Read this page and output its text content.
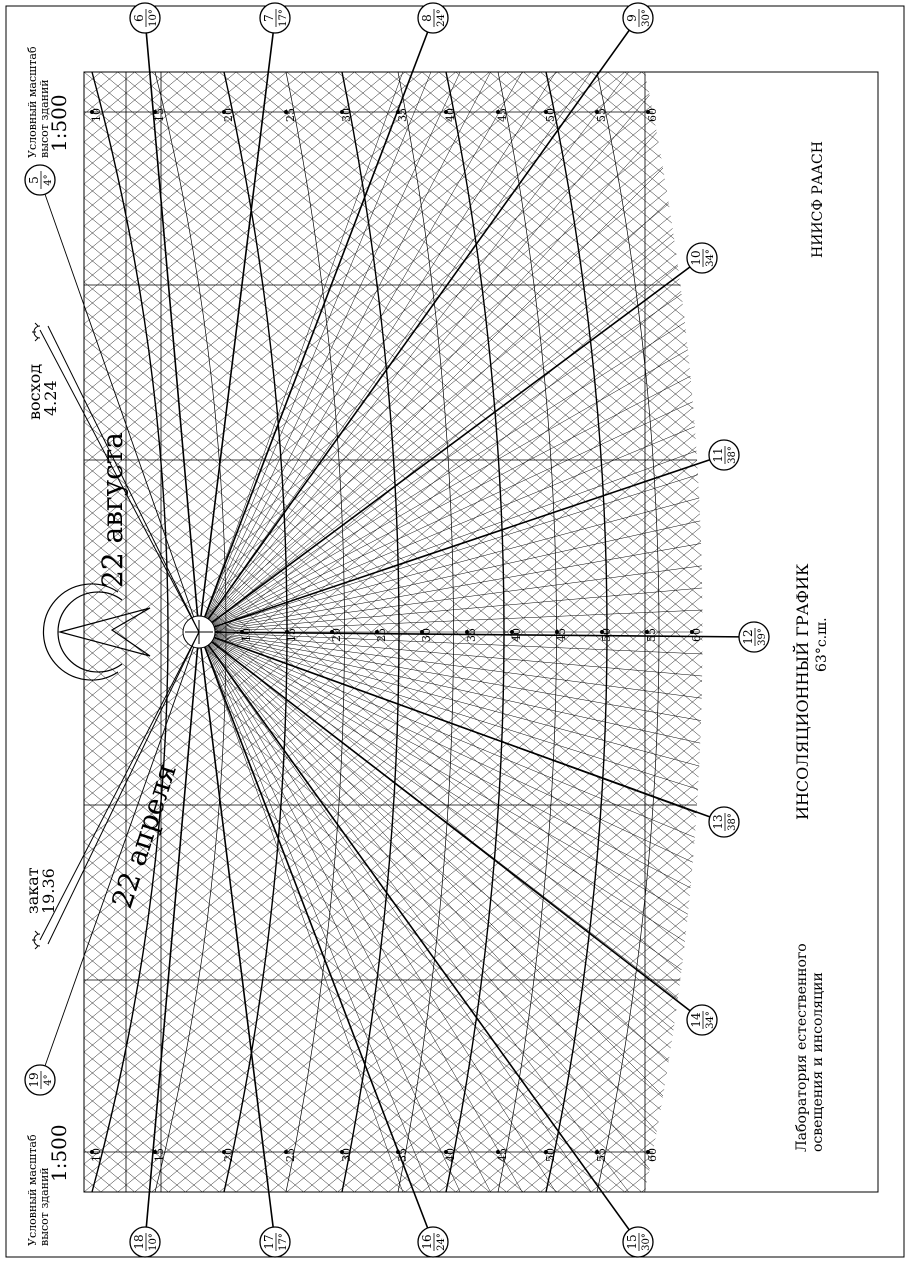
6 10°	7 17°	8 24°	9 30°
10 34°
11 38°
12 39°
13 38°
14 34°
15 30°
16 24°
17 17°
18 10°
5 4°
19 4°
10
10
10
15
15
15
20
20
20
25
25
25
30
30
30
35
35
35
40
40
40
45
45
45
50
50
50
55
55
55
60
60
60
Условный масштаб высот зданий
1:500
Условный масштаб высот зданий
1:500
восход
4.24
закат
19.36
22 августа
22 апреля
ИНСОЛЯЦИОННЫЙ ГРАФИК 63°с.ш.
НИИСФ РААСН
Лаборатория естественного освещения и инсоляции
